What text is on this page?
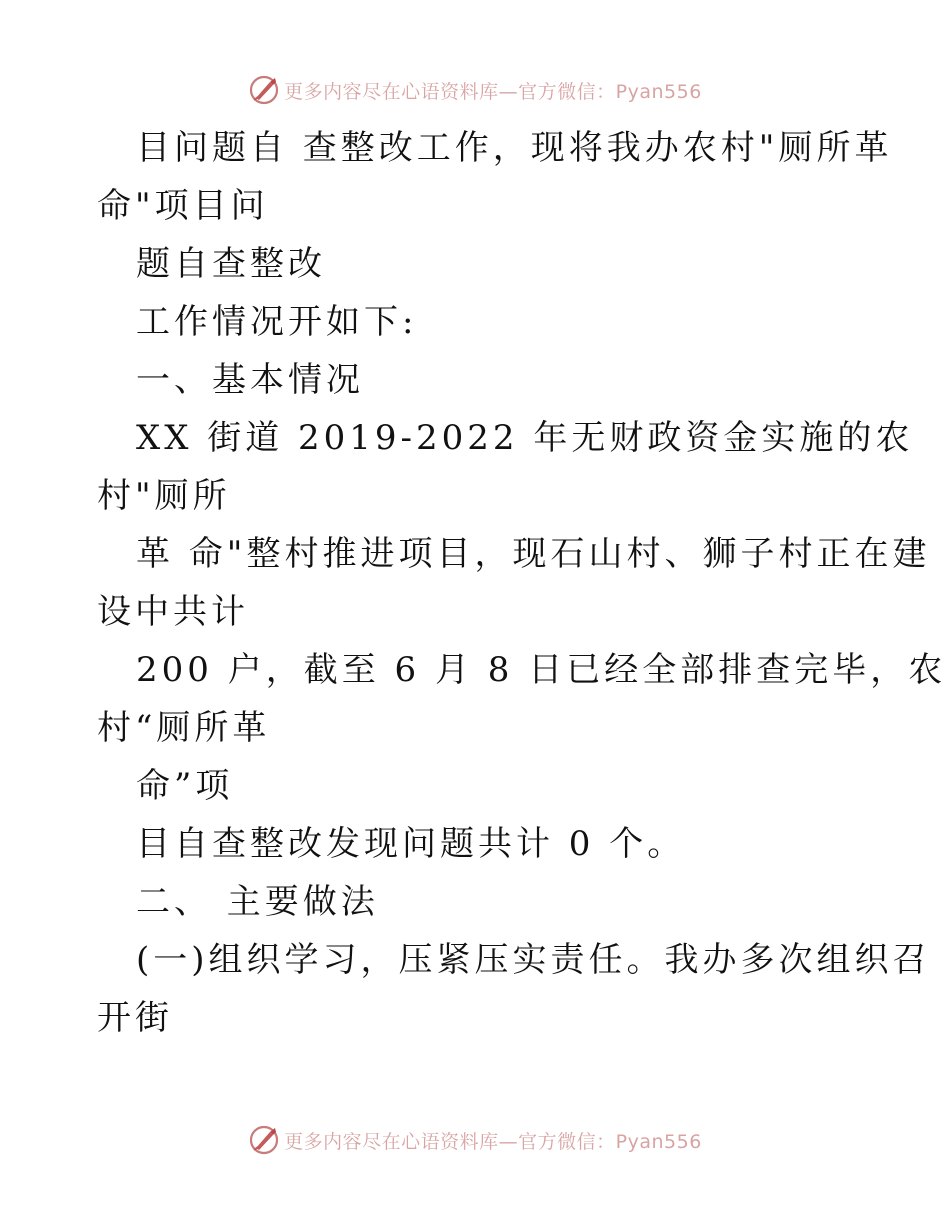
更多内容尽在心语资料库—官方微信：Pyan556
目问题自 查整改工作，现将我办农村"厕所革
命"项目问
题自查整改
工作情况开如下:
一、基本情况
XX 街道 2019-2022 年无财政资金实施的农
村"厕所
革 命"整村推进项目，现石山村、狮子村正在建
设中共计
200 户，截至 6 月 8 日已经全部排查完毕，农
村“厕所革
命”项
目自查整改发现问题共计 0 个。
二、 主要做法
(一)组织学习，压紧压实责任。我办多次组织召
开街
更多内容尽在心语资料库—官方微信：Pyan556
